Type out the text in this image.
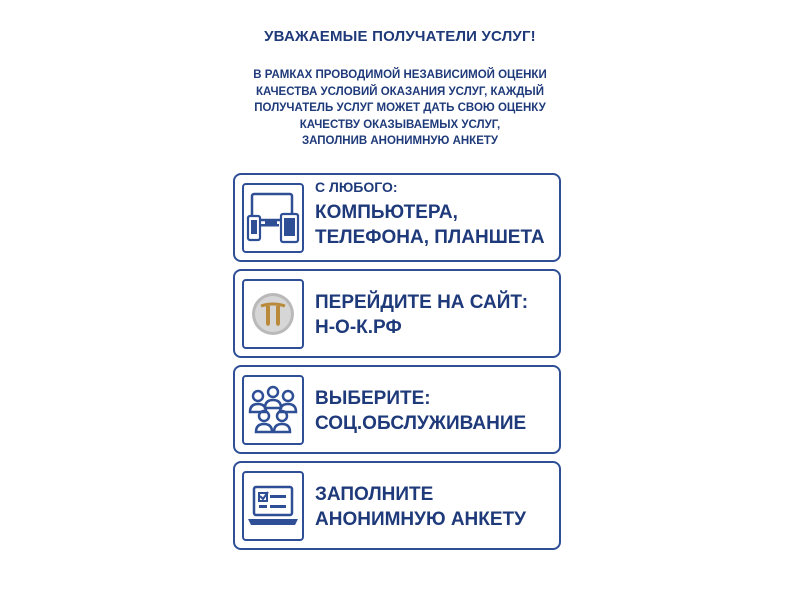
УВАЖАЕМЫЕ ПОЛУЧАТЕЛИ УСЛУГ!
В РАМКАХ ПРОВОДИМОЙ НЕЗАВИСИМОЙ ОЦЕНКИ
КАЧЕСТВА УСЛОВИЙ ОКАЗАНИЯ УСЛУГ, КАЖДЫЙ
ПОЛУЧАТЕЛЬ УСЛУГ МОЖЕТ ДАТЬ СВОЮ ОЦЕНКУ
КАЧЕСТВУ ОКАЗЫВАЕМЫХ УСЛУГ,
ЗАПОЛНИВ АНОНИМНУЮ АНКЕТУ
С ЛЮБОГО:
КОМПЬЮТЕРА,
ТЕЛЕФОНА, ПЛАНШЕТА
ПЕРЕЙДИТЕ НА САЙТ:
Н-О-К.РФ
ВЫБЕРИТЕ:
СОЦ.ОБСЛУЖИВАНИЕ
ЗАПОЛНИТЕ
АНОНИМНУЮ АНКЕТУ
